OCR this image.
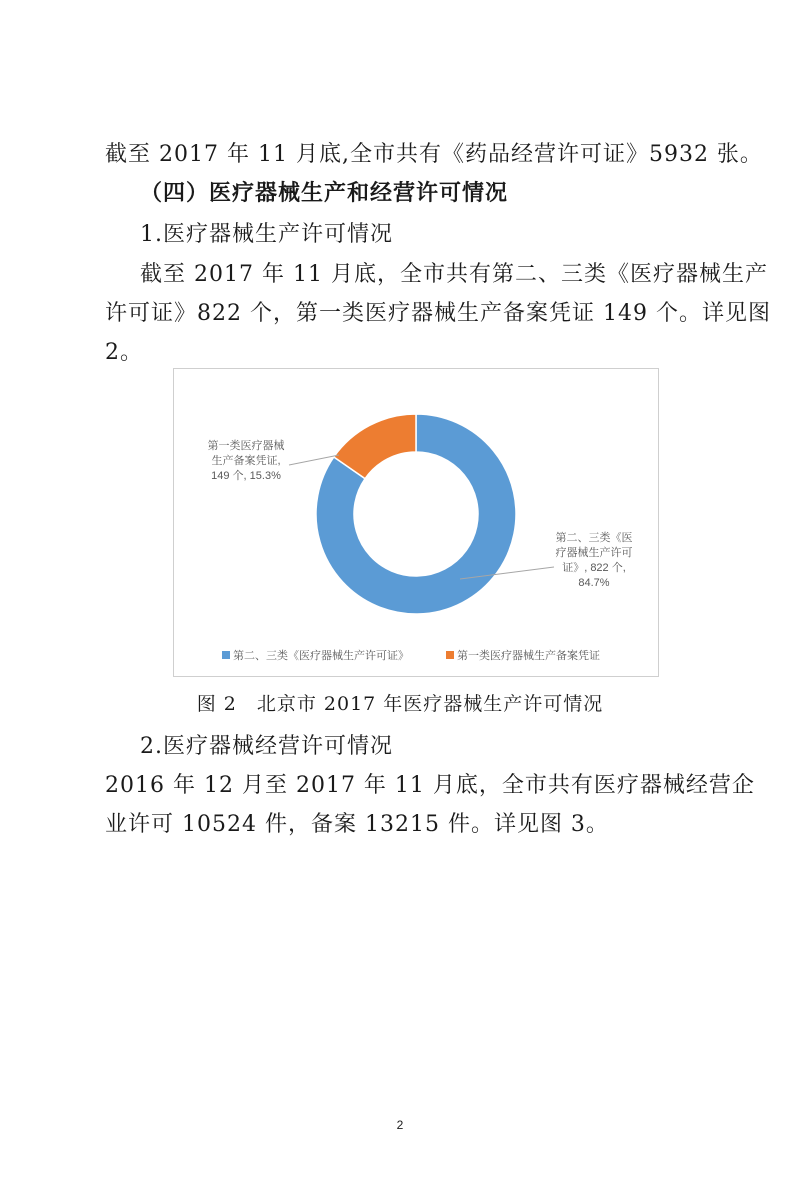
截至 2017 年 11 月底,全市共有《药品经营许可证》5932 张。
（四）医疗器械生产和经营许可情况
1.医疗器械生产许可情况
截至 2017 年 11 月底，全市共有第二、三类《医疗器械生产
许可证》822 个，第一类医疗器械生产备案凭证 149 个。详见图
2。
第二、三类《医疗器械生产许可证》, 822 个, 84.7%
第一类医疗器械生产备案凭证, 149 个, 15.3%
第二、三类《医疗器械生产许可证》	第一类医疗器械生产备案凭证
图 2　北京市 2017 年医疗器械生产许可情况
2.医疗器械经营许可情况
2016 年 12 月至 2017 年 11 月底，全市共有医疗器械经营企
业许可 10524 件，备案 13215 件。详见图 3。
2
